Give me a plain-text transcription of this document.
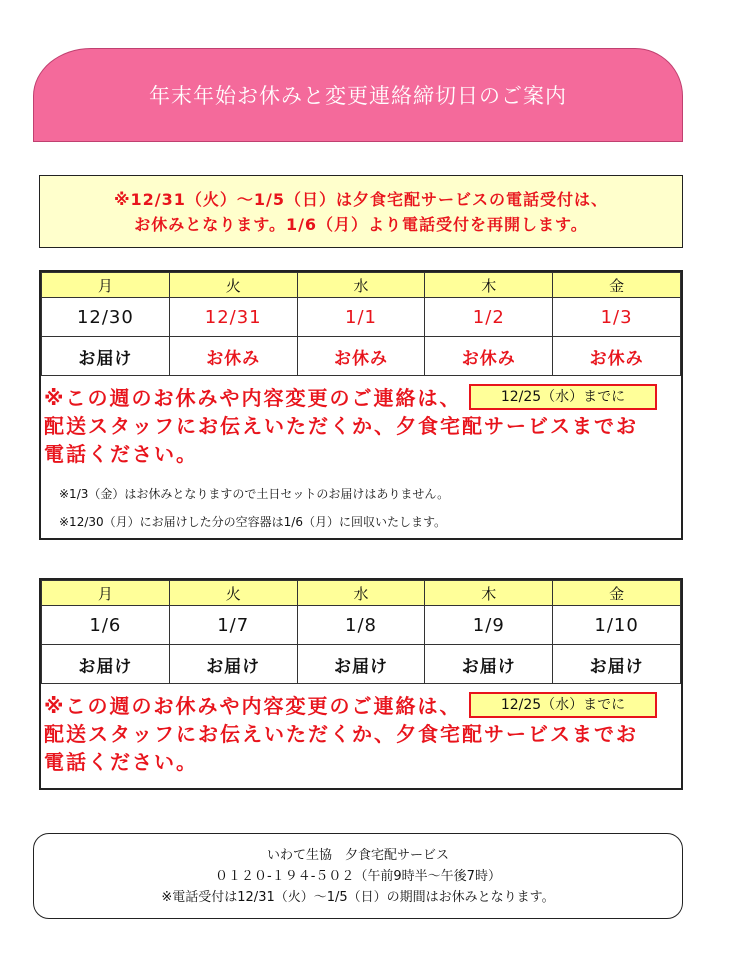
年末年始お休みと変更連絡締切日のご案内
※12/31（火）～1/5（日）は夕食宅配サービスの電話受付は、
お休みとなります。1/6（月）より電話受付を再開します。
月	火	水	木	金
12/30	12/31	1/1	1/2	1/3
お届け	お休み	お休み	お休み	お休み
※この週のお休みや内容変更のご連絡は、
配送スタッフにお伝えいただくか、夕食宅配サービスまでお
電話ください。
12/25（水）までに
※1/3（金）はお休みとなりますので土日セットのお届けはありません。
※12/30（月）にお届けした分の空容器は1/6（月）に回収いたします。
月	火	水	木	金
1/6	1/7	1/8	1/9	1/10
お届け	お届け	お届け	お届け	お届け
※この週のお休みや内容変更のご連絡は、
配送スタッフにお伝えいただくか、夕食宅配サービスまでお
電話ください。
12/25（水）までに
いわて生協　夕食宅配サービス
０１２０-１９４-５０２（午前9時半～午後7時）
※電話受付は12/31（火）～1/5（日）の期間はお休みとなります。
